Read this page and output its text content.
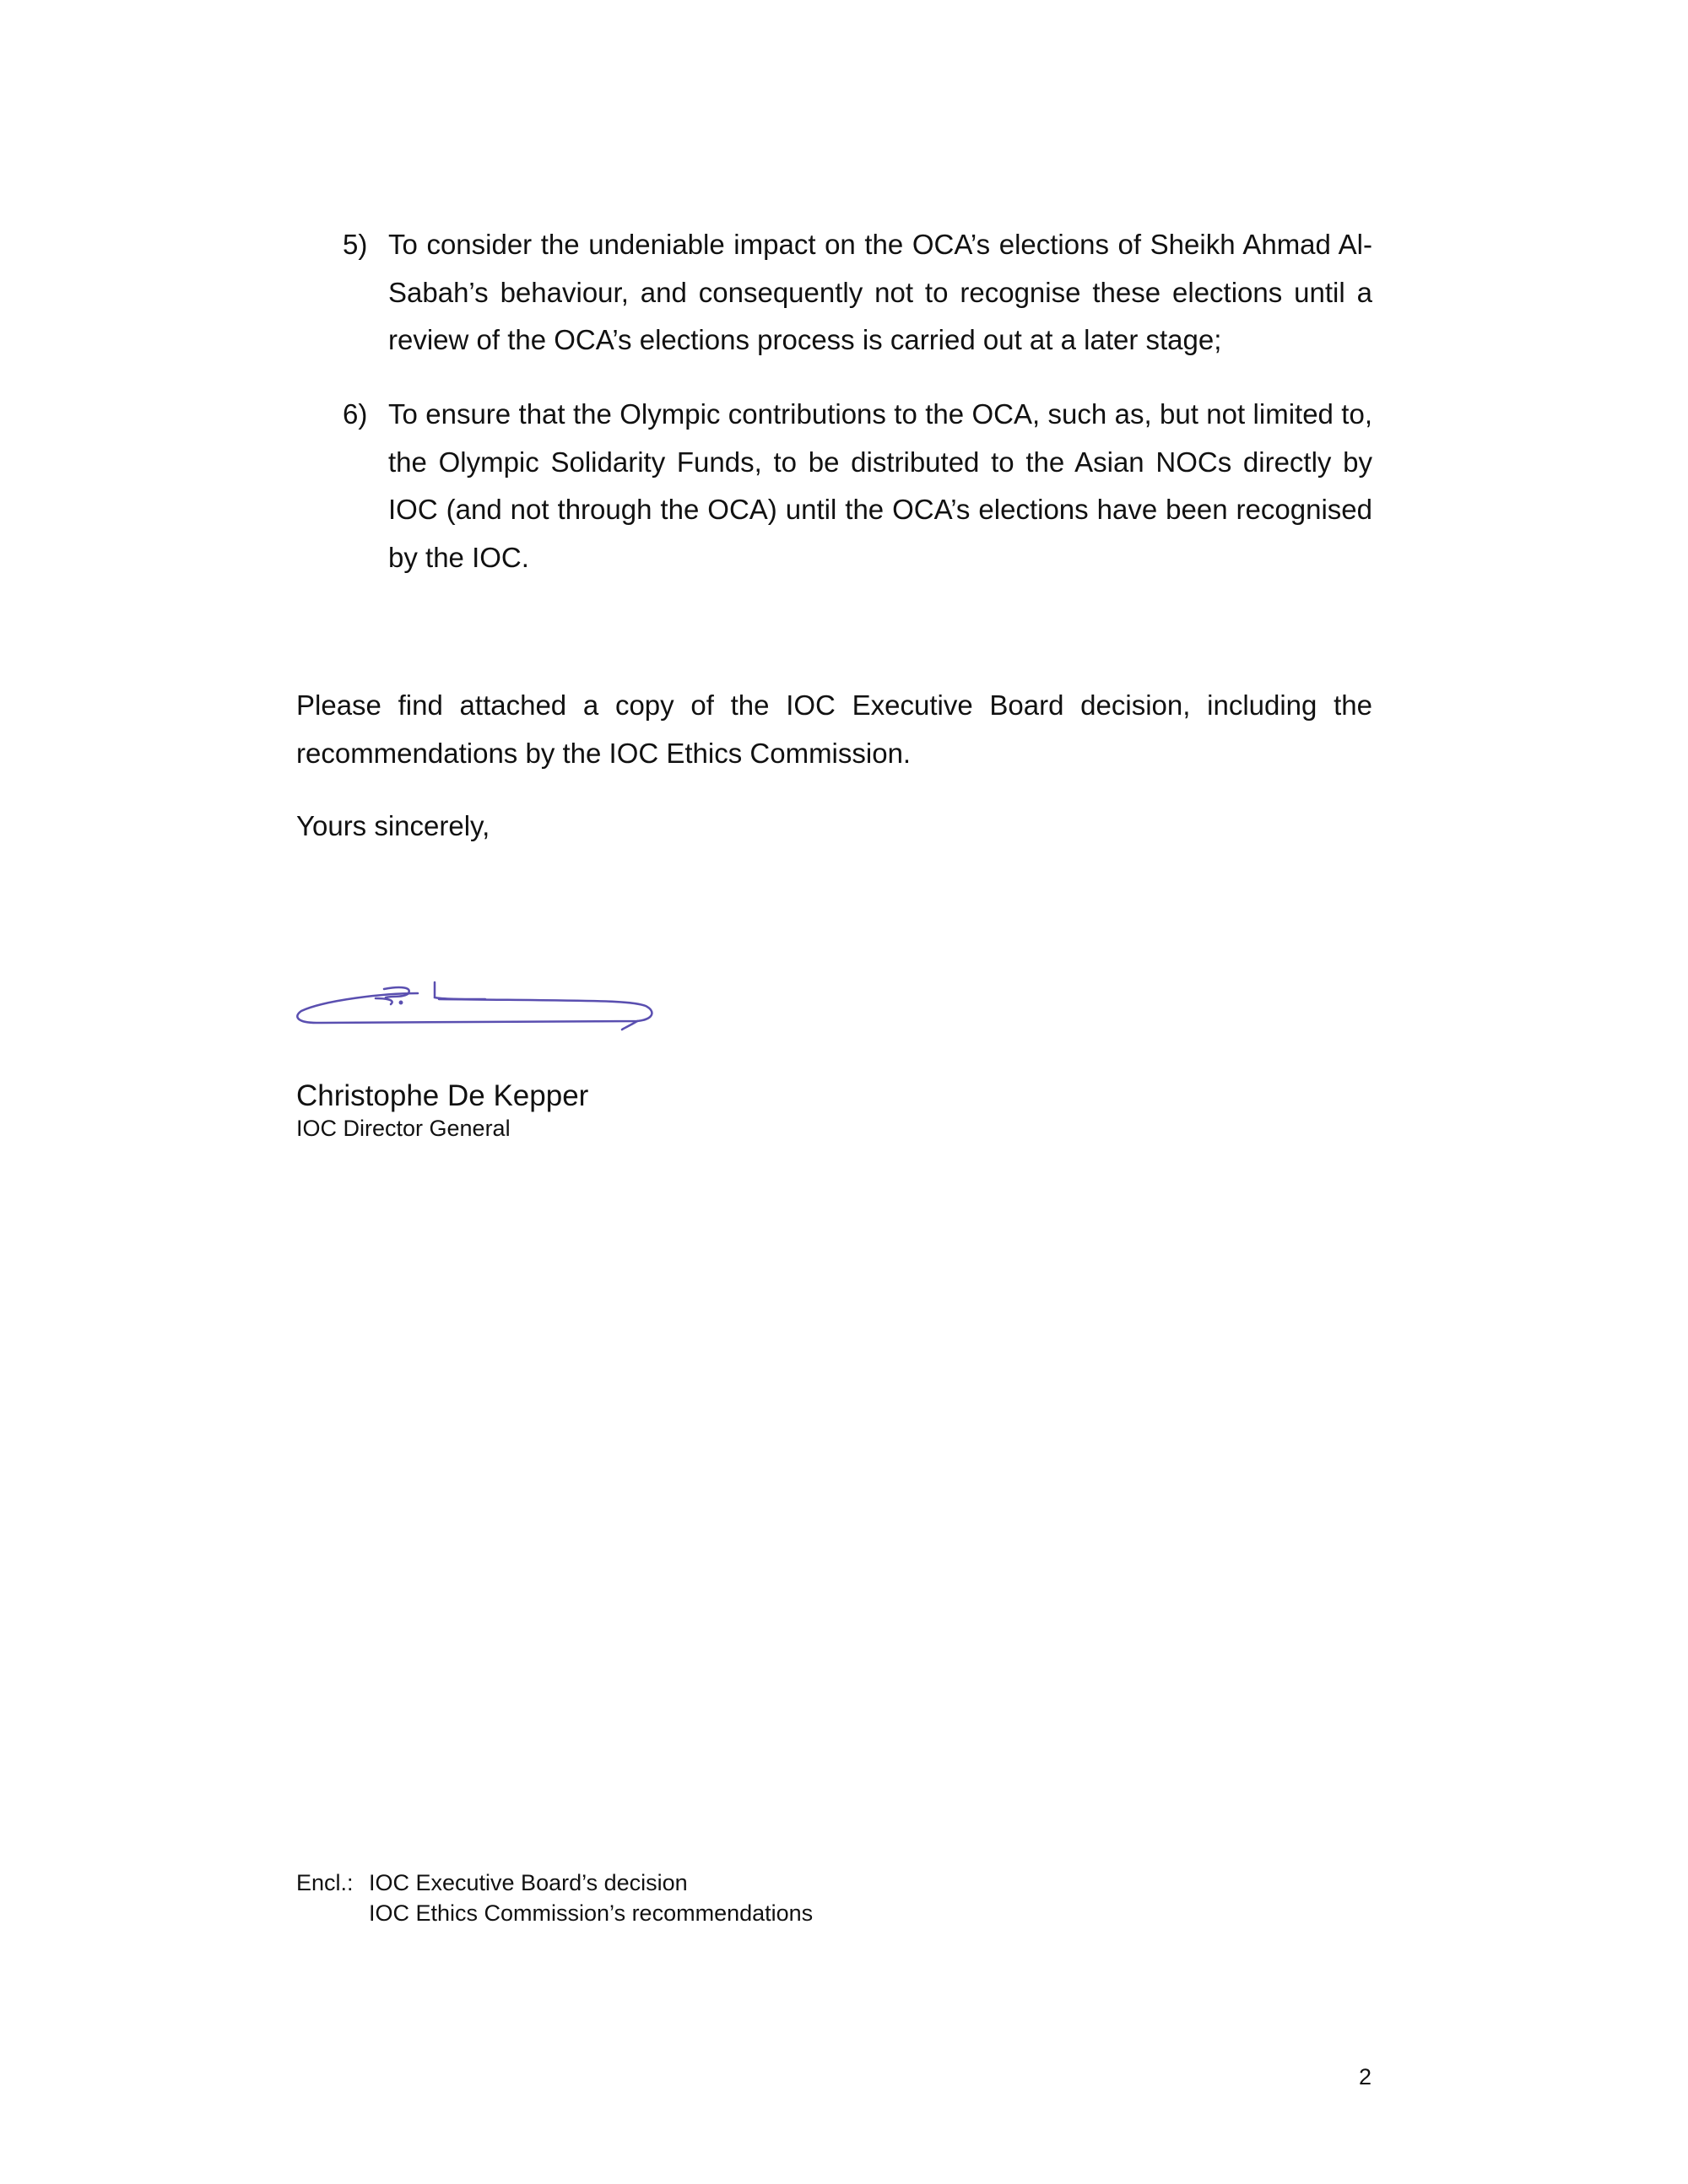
5) To consider the undeniable impact on the OCA’s elections of Sheikh Ahmad Al-
Sabah’s behaviour, and consequently not to recognise these elections until a
review of the OCA’s elections process is carried out at a later stage;
6) To ensure that the Olympic contributions to the OCA, such as, but not limited to,
the Olympic Solidarity Funds, to be distributed to the Asian NOCs directly by
IOC (and not through the OCA) until the OCA’s elections have been recognised
by the IOC.
Please find attached a copy of the IOC Executive Board decision, including the
recommendations by the IOC Ethics Commission.
Yours sincerely,
Christophe De Kepper
IOC Director General
Encl.: IOC Executive Board’s decision
IOC Ethics Commission’s recommendations
2
